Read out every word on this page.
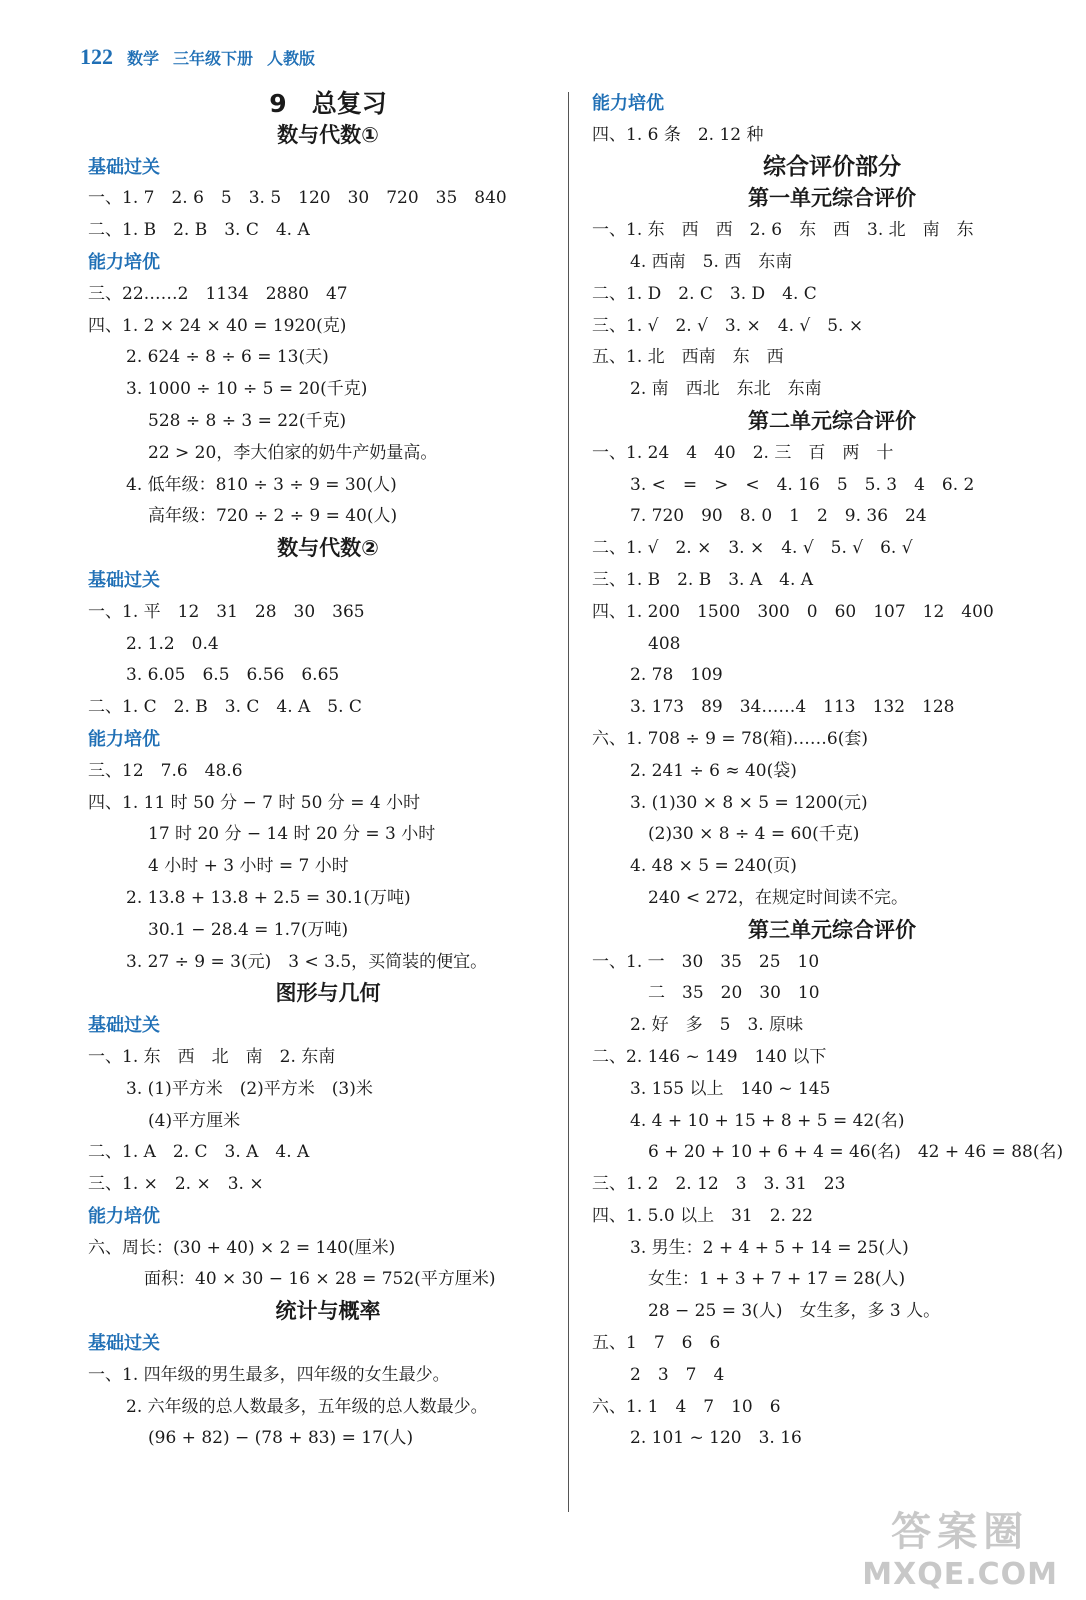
122 数学 三年级下册 人教版
9　总复习
数与代数①
基础过关
一、1. 7　2. 6　5　3. 5　120　30　720　35　840
二、1. B　2. B　3. C　4. A
能力培优
三、22……2　1134　2880　47
四、1. 2 × 24 × 40 = 1920(克)
2. 624 ÷ 8 ÷ 6 = 13(天)
3. 1000 ÷ 10 ÷ 5 = 20(千克)
528 ÷ 8 ÷ 3 = 22(千克)
22 > 20，李大伯家的奶牛产奶量高。
4. 低年级：810 ÷ 3 ÷ 9 = 30(人)
高年级：720 ÷ 2 ÷ 9 = 40(人)
数与代数②
基础过关
一、1. 平　12　31　28　30　365
2. 1.2　0.4
3. 6.05　6.5　6.56　6.65
二、1. C　2. B　3. C　4. A　5. C
能力培优
三、12　7.6　48.6
四、1. 11 时 50 分 − 7 时 50 分 = 4 小时
17 时 20 分 − 14 时 20 分 = 3 小时
4 小时 + 3 小时 = 7 小时
2. 13.8 + 13.8 + 2.5 = 30.1(万吨)
30.1 − 28.4 = 1.7(万吨)
3. 27 ÷ 9 = 3(元)　3 < 3.5，买简装的便宜。
图形与几何
基础过关
一、1. 东　西　北　南　2. 东南
3. (1)平方米　(2)平方米　(3)米
(4)平方厘米
二、1. A　2. C　3. A　4. A
三、1. ×　2. ×　3. ×
能力培优
六、周长：(30 + 40) × 2 = 140(厘米)
面积：40 × 30 − 16 × 28 = 752(平方厘米)
统计与概率
基础过关
一、1. 四年级的男生最多，四年级的女生最少。
2. 六年级的总人数最多，五年级的总人数最少。
(96 + 82) − (78 + 83) = 17(人)
能力培优
四、1. 6 条　2. 12 种
综合评价部分
第一单元综合评价
一、1. 东　西　西　2. 6　东　西　3. 北　南　东
4. 西南　5. 西　东南
二、1. D　2. C　3. D　4. C
三、1. √　2. √　3. ×　4. √　5. ×
五、1. 北　西南　东　西
2. 南　西北　东北　东南
第二单元综合评价
一、1. 24　4　40　2. 三　百　两　十
3. <　=　>　<　4. 16　5　5. 3　4　6. 2
7. 720　90　8. 0　1　2　9. 36　24
二、1. √　2. ×　3. ×　4. √　5. √　6. √
三、1. B　2. B　3. A　4. A
四、1. 200　1500　300　0　60　107　12　400
408
2. 78　109
3. 173　89　34……4　113　132　128
六、1. 708 ÷ 9 = 78(箱)……6(套)
2. 241 ÷ 6 ≈ 40(袋)
3. (1)30 × 8 × 5 = 1200(元)
(2)30 × 8 ÷ 4 = 60(千克)
4. 48 × 5 = 240(页)
240 < 272，在规定时间读不完。
第三单元综合评价
一、1. 一　30　35　25　10
二　35　20　30　10
2. 好　多　5　3. 原味
二、2. 146 ~ 149　140 以下
3. 155 以上　140 ~ 145
4. 4 + 10 + 15 + 8 + 5 = 42(名)
6 + 20 + 10 + 6 + 4 = 46(名)　42 + 46 = 88(名)
三、1. 2　2. 12　3　3. 31　23
四、1. 5.0 以上　31　2. 22
3. 男生：2 + 4 + 5 + 14 = 25(人)
女生：1 + 3 + 7 + 17 = 28(人)
28 − 25 = 3(人)　女生多，多 3 人。
五、1　7　6　6
2　3　7　4
六、1. 1　4　7　10　6
2. 101 ~ 120　3. 16
答案圈
MXQE.COM
